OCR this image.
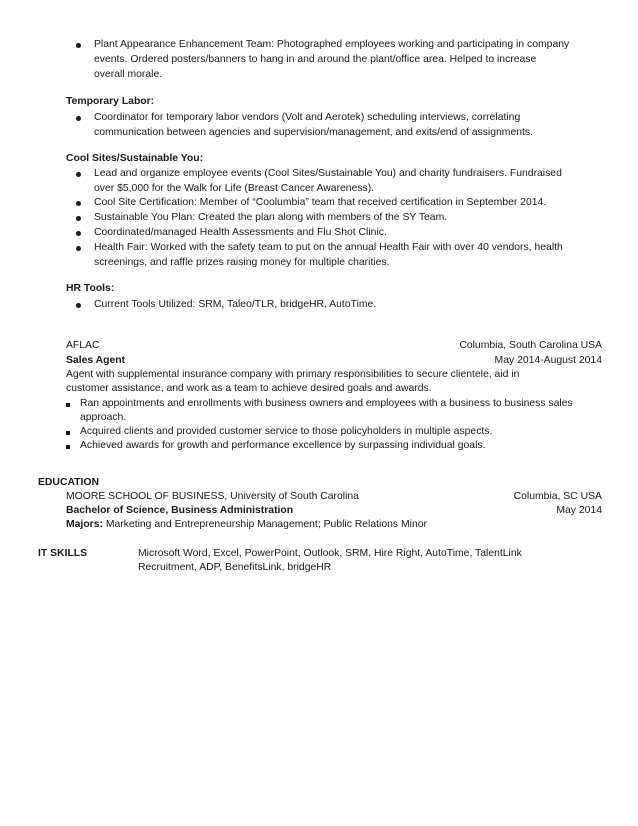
Plant Appearance Enhancement Team: Photographed employees working and participating in company
events. Ordered posters/banners to hang in and around the plant/office area. Helped to increase
overall morale.
Temporary Labor:
Coordinator for temporary labor vendors (Volt and Aerotek) scheduling interviews, correlating
communication between agencies and supervision/management, and exits/end of assignments.
Cool Sites/Sustainable You:
Lead and organize employee events (Cool Sites/Sustainable You) and charity fundraisers. Fundraised
over $5,000 for the Walk for Life (Breast Cancer Awareness).
Cool Site Certification: Member of “Coolumbia” team that received certification in September 2014.
Sustainable You Plan: Created the plan along with members of the SY Team.
Coordinated/managed Health Assessments and Flu Shot Clinic.
Health Fair: Worked with the safety team to put on the annual Health Fair with over 40 vendors, health
screenings, and raffle prizes raising money for multiple charities.
HR Tools:
Current Tools Utilized: SRM, Taleo/TLR, bridgeHR, AutoTime.
AFLAC	Columbia, South Carolina USA
Sales Agent	May 2014-August 2014
Agent with supplemental insurance company with primary responsibilities to secure clientele, aid in
customer assistance, and work as a team to achieve desired goals and awards.
Ran appointments and enrollments with business owners and employees with a business to business sales
approach.
Acquired clients and provided customer service to those policyholders in multiple aspects.
Achieved awards for growth and performance excellence by surpassing individual goals.
EDUCATION
MOORE SCHOOL OF BUSINESS, University of South Carolina	Columbia, SC USA
Bachelor of Science, Business Administration	May 2014
Majors: Marketing and Entrepreneurship Management; Public Relations Minor
IT SKILLS	Microsoft Word, Excel, PowerPoint, Outlook, SRM, Hire Right, AutoTime, TalentLink
Recruitment, ADP, BenefitsLink, bridgeHR
